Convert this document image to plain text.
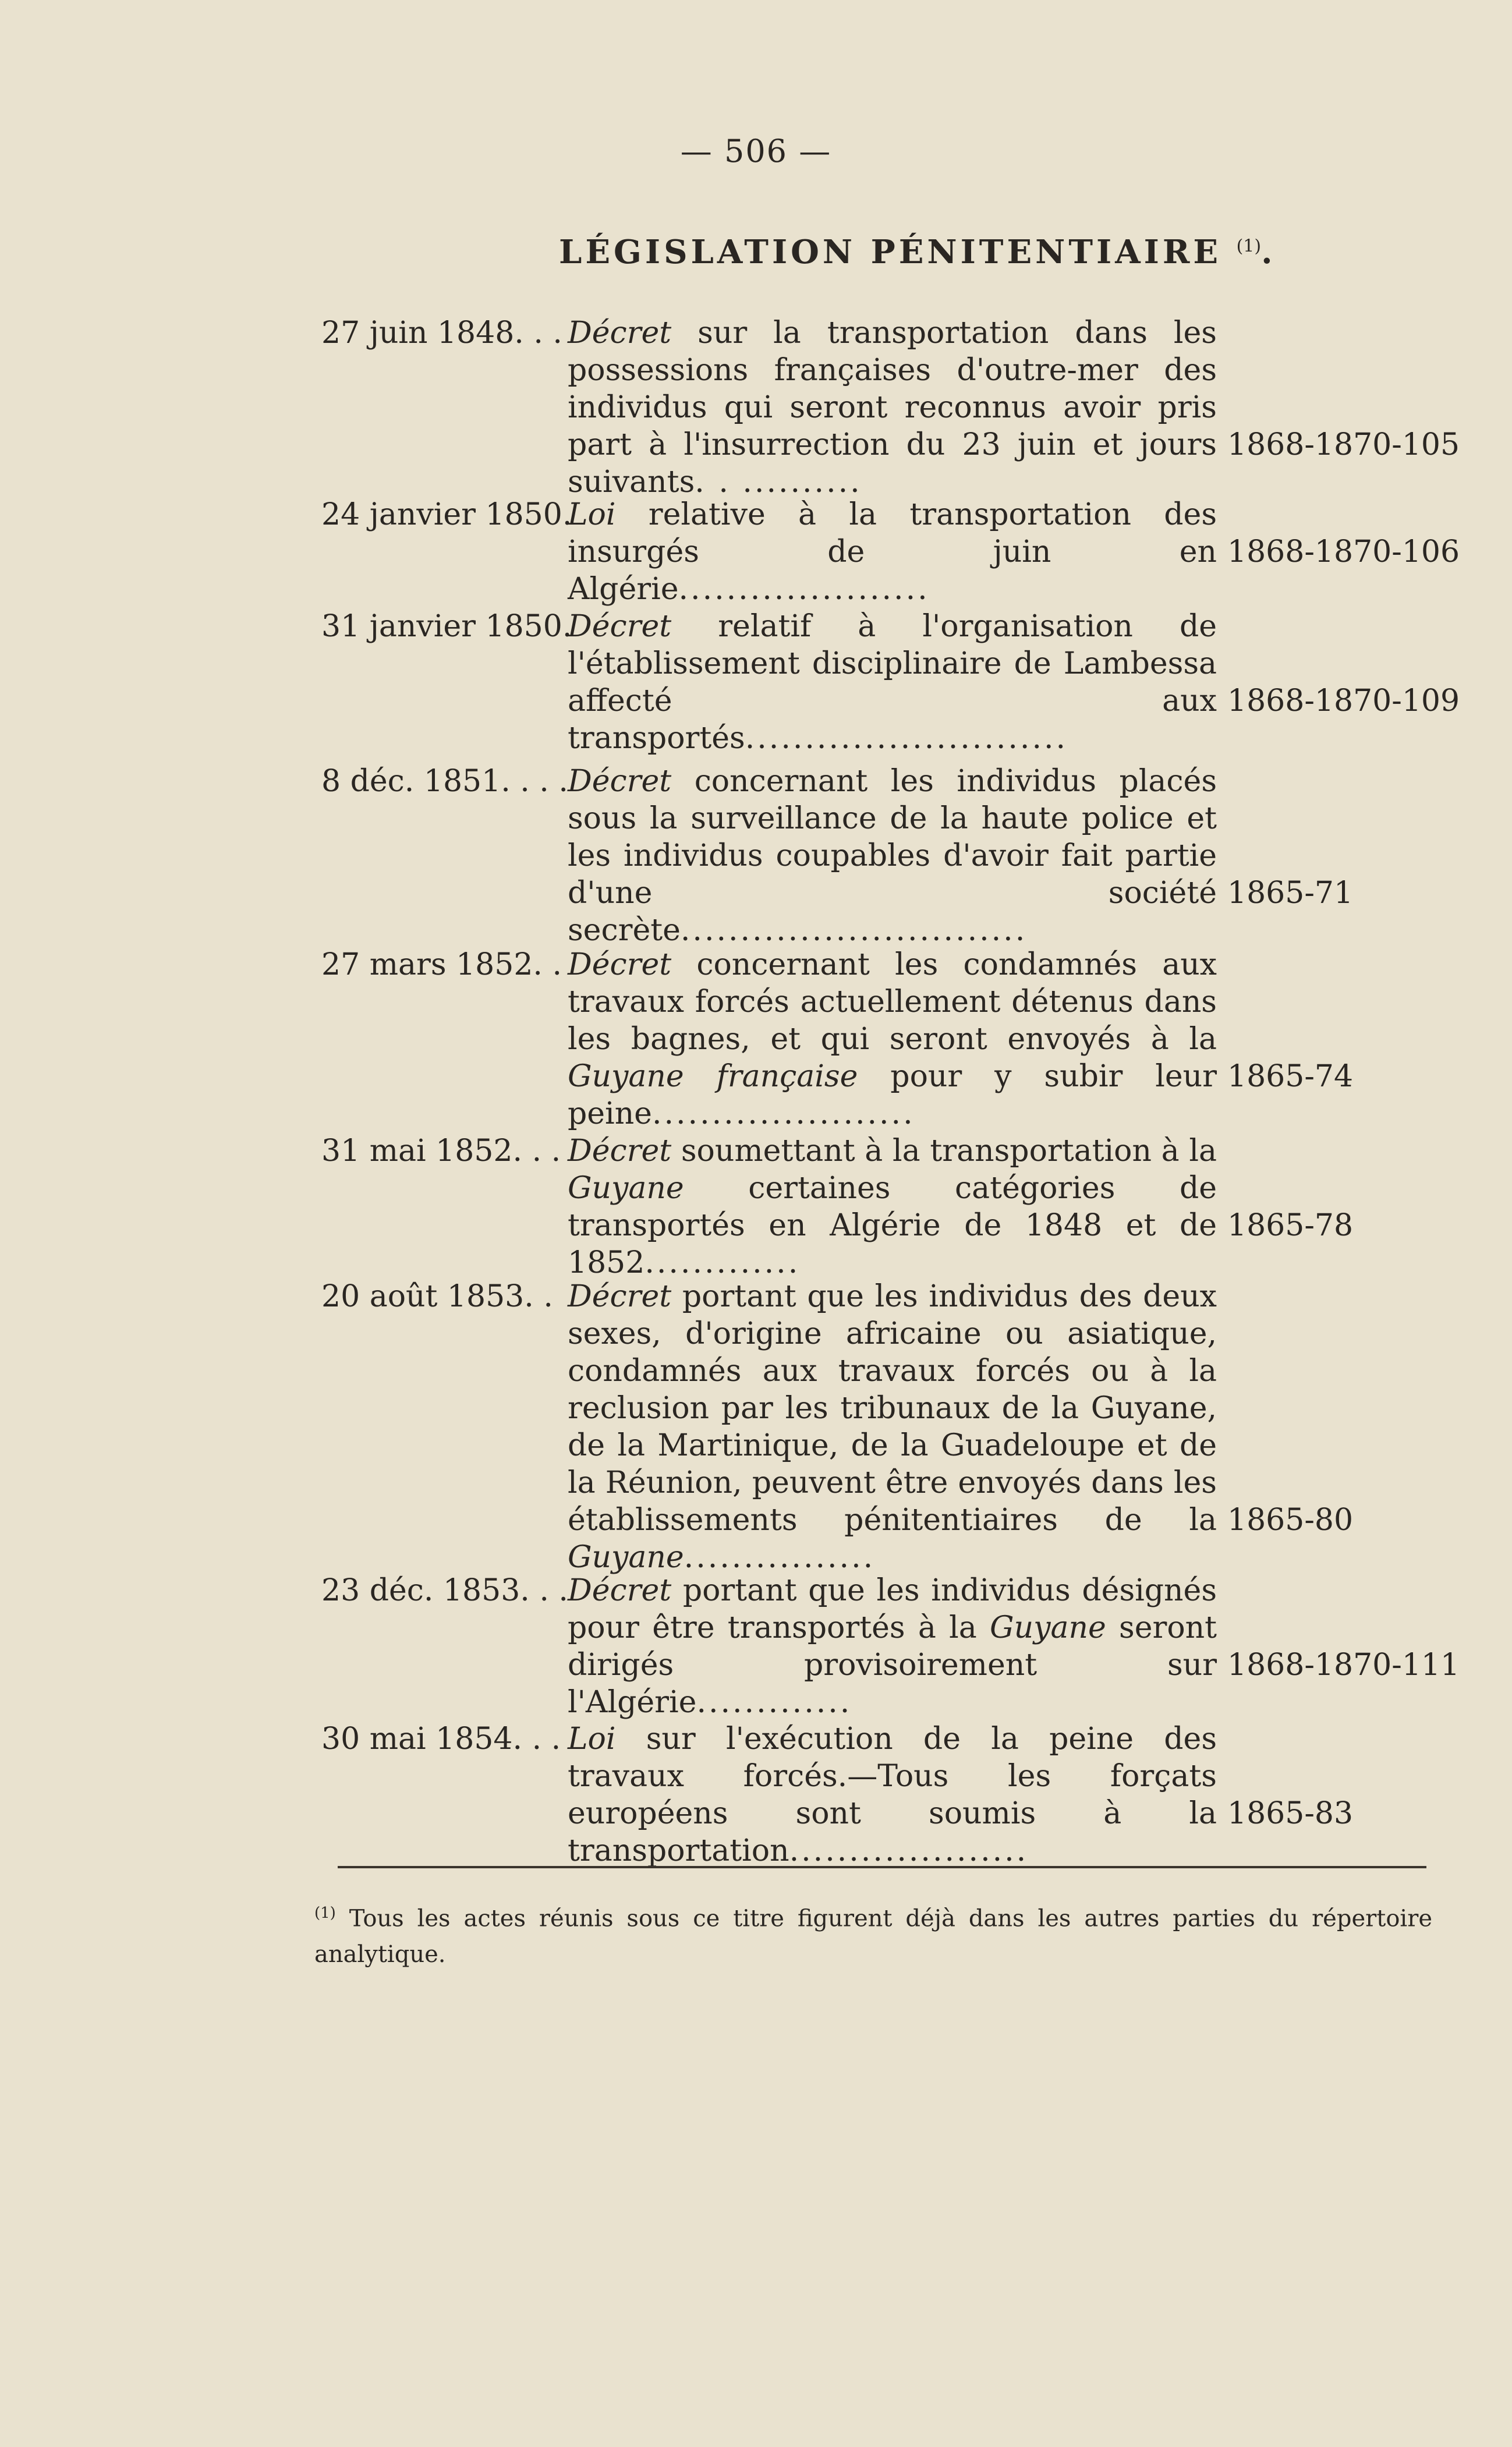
— 506 —
LÉGISLATION PÉNITENTIAIRE $^{(1)}$.
27 juin 1848. . . Décret sur la transportation dans les possessions françaises d'outre-mer des individus qui seront reconnus avoir pris part à l'insurrection du 23 juin et jours suivants. . ..........
1868-1870-105
24 janvier 1850.
Loi relative à la transportation des insurgés de juin en Algérie.....................
1868-1870-106
31 janvier 1850.
Décret relatif à l'organisation de l'établissement disciplinaire de Lambessa affecté aux transportés...........................
1868-1870-109
8 déc. 1851. . . . Décret concernant les individus placés sous la surveillance de la haute police et les individus coupables d'avoir fait partie d'une société secrète.............................
1865-71
27 mars 1852. . Décret concernant les condamnés aux travaux forcés actuellement détenus dans les bagnes, et qui seront envoyés à la Guyane française pour y subir leur peine......................
1865-74
31 mai 1852. . . Décret soumettant à la transportation à la Guyane certaines catégories de transportés en Algérie de 1848 et de 1852.............
1865-78
20 août 1853. . Décret portant que les individus des deux sexes, d'origine africaine ou asiatique, condamnés aux travaux forcés ou à la reclusion par les tribunaux de la Guyane, de la Martinique, de la Guadeloupe et de la Réunion, peuvent être envoyés dans les établissements pénitentiaires de la Guyane................
1865-80
23 déc. 1853. . . Décret portant que les individus désignés pour être transportés à la Guyane seront dirigés provisoirement sur l'Algérie.............
1868-1870-111
30 mai 1854. . . Loi sur l'exécution de la peine des travaux forcés.—Tous les forçats européens sont soumis à la transportation....................
1865-83
$^{(1)}$ Tous les actes réunis sous ce titre figurent déjà dans les autres parties du répertoire analytique.
